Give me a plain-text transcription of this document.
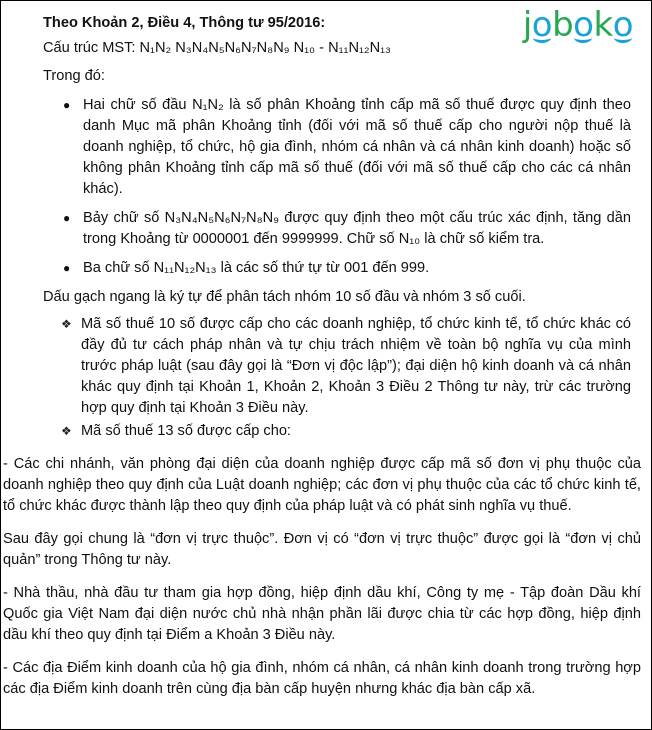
jo
bo
ko

Theo Khoản 2, Điều 4, Thông tư 95/2016:

Cấu trúc MST: N₁N₂ N₃N₄N₅N₆N₇N₈N₉ N₁₀ - N₁₁N₁₂N₁₃

Trong đó:

● Hai chữ số đầu N₁N₂ là số phân Khoảng tỉnh cấp mã số thuế được quy định theo danh Mục mã phân Khoảng tỉnh (đối với mã số thuế cấp cho người nộp thuế là doanh nghiệp, tổ chức, hộ gia đình, nhóm cá nhân và cá nhân kinh doanh) hoặc số không phân Khoảng tỉnh cấp mã số thuế (đối với mã số thuế cấp cho các cá nhân khác).
● Bảy chữ số N₃N₄N₅N₆N₇N₈N₉ được quy định theo một cấu trúc xác định, tăng dần trong Khoảng từ 0000001 đến 9999999. Chữ số N₁₀ là chữ số kiểm tra.
● Ba chữ số N₁₁N₁₂N₁₃ là các số thứ tự từ 001 đến 999.

Dấu gạch ngang là ký tự để phân tách nhóm 10 số đầu và nhóm 3 số cuối.

❖ Mã số thuế 10 số được cấp cho các doanh nghiệp, tổ chức kinh tế, tổ chức khác có đầy đủ tư cách pháp nhân và tự chịu trách nhiệm về toàn bộ nghĩa vụ của mình trước pháp luật (sau đây gọi là “Đơn vị độc lập”); đại diện hộ kinh doanh và cá nhân khác quy định tại Khoản 1, Khoản 2, Khoản 3 Điều 2 Thông tư này, trừ các trường hợp quy định tại Khoản 3 Điều này.
❖ Mã số thuế 13 số được cấp cho:

- Các chi nhánh, văn phòng đại diện của doanh nghiệp được cấp mã số đơn vị phụ thuộc của doanh nghiệp theo quy định của Luật doanh nghiệp; các đơn vị phụ thuộc của các tổ chức kinh tế, tổ chức khác được thành lập theo quy định của pháp luật và có phát sinh nghĩa vụ thuế.

Sau đây gọi chung là “đơn vị trực thuộc”. Đơn vị có “đơn vị trực thuộc” được gọi là “đơn vị chủ quản” trong Thông tư này.

- Nhà thầu, nhà đầu tư tham gia hợp đồng, hiệp định dầu khí, Công ty mẹ - Tập đoàn Dầu khí Quốc gia Việt Nam đại diện nước chủ nhà nhận phần lãi được chia từ các hợp đồng, hiệp định dầu khí theo quy định tại Điểm a Khoản 3 Điều này.

- Các địa Điểm kinh doanh của hộ gia đình, nhóm cá nhân, cá nhân kinh doanh trong trường hợp các địa Điểm kinh doanh trên cùng địa bàn cấp huyện nhưng khác địa bàn cấp xã.
